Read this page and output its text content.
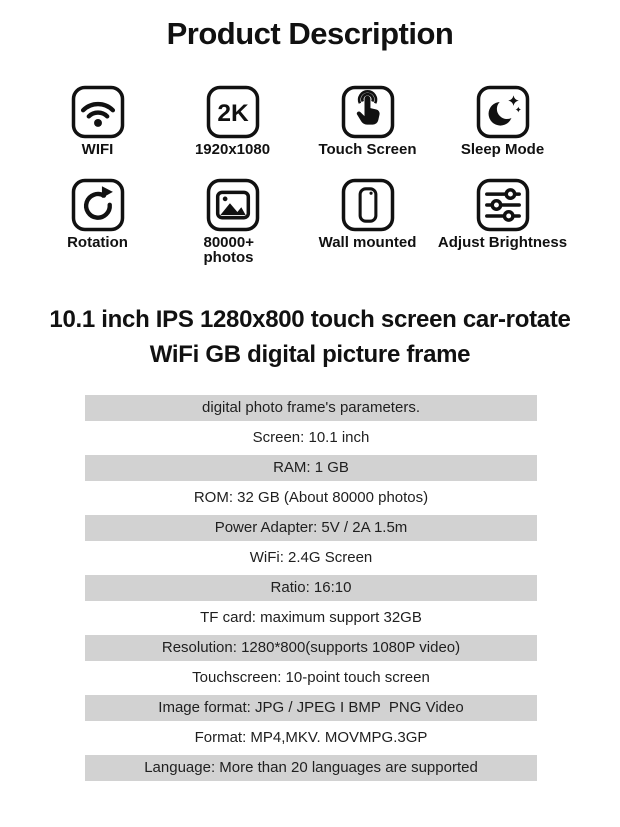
Product Description
WIFI
2K
1920x1080	Touch Screen	Sleep Mode
Rotation	80000+
photos
Wall mounted Adjust Brightness
10.1 inch IPS 1280x800 touch screen car-rotate
WiFi GB digital picture frame
digital photo frame's parameters.
Screen: 10.1 inch
RAM: 1 GB
ROM: 32 GB (About 80000 photos)
Power Adapter: 5V / 2A 1.5m
WiFi: 2.4G Screen
Ratio: 16:10
TF card: maximum support 32GB
Resolution: 1280*800(supports 1080P video)
Touchscreen: 10-point touch screen
Image format: JPG / JPEG I BMP  PNG Video
Format: MP4,MKV. MOVMPG.3GP
Language: More than 20 languages are supported
